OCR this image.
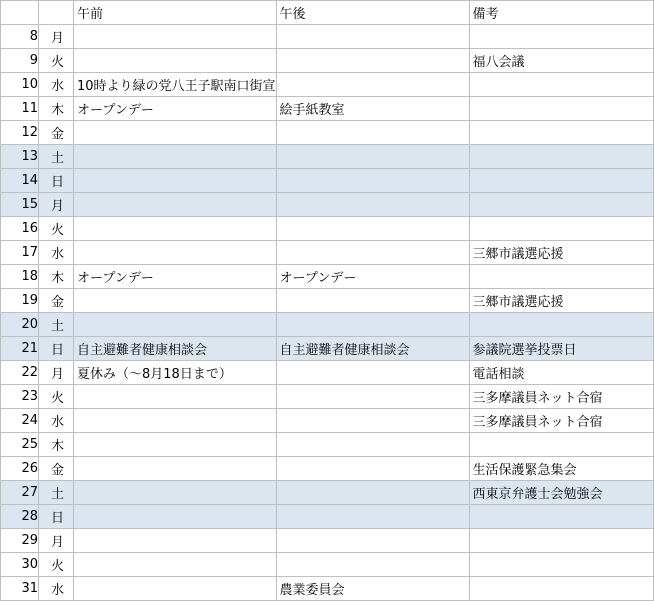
		午前	午後	備考
8	月			
9	火			福八会議
10	水	10時より緑の党八王子駅南口街宣		
11	木	オープンデー	絵手紙教室	
12	金			
13	土			
14	日			
15	月			
16	火			
17	水			三郷市議選応援
18	木	オープンデー	オープンデー	
19	金			三郷市議選応援
20	土			
21	日	自主避難者健康相談会	自主避難者健康相談会	参議院選挙投票日
22	月	夏休み（～8月18日まで）		電話相談
23	火			三多摩議員ネット合宿
24	水			三多摩議員ネット合宿
25	木			
26	金			生活保護緊急集会
27	土			西東京弁護士会勉強会
28	日			
29	月			
30	火			
31	水		農業委員会	
